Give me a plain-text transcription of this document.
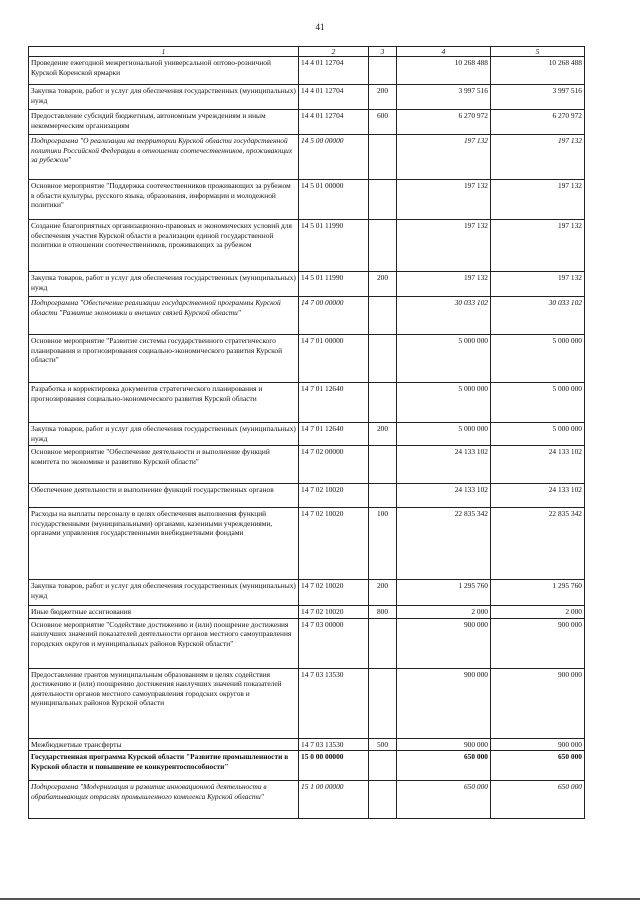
41
1	2	3	4	5
Проведение ежегодной межрегиональной универсальной оптово-розничной Курской Коренской ярмарки	14 4 01 12704		10 268 488	10 268 488
Закупка товаров, работ и услуг для обеспечения государственных (муниципальных) нужд	14 4 01 12704	200	3 997 516	3 997 516
Предоставление субсидий бюджетным, автономным учреждениям и иным некоммерческим организациям	14 4 01 12704	600	6 270 972	6 270 972
Подпрограмма "О реализации на территории Курской области государственной политики Российской Федерации в отношении соотечественников, проживающих за рубежом"	14 5 00 00000		197 132	197 132
Основное мероприятие "Поддержка соотечественников проживающих за рубежом в области культуры, русского языка, образования, информации и молодежной политики"	14 5 01 00000		197 132	197 132
Создание благоприятных организационно-правовых и экономических условий для обеспечения участия Курской области в реализации единой государственной политики в отношении соотечественников, проживающих за рубежом	14 5 01 11990		197 132	197 132
Закупка товаров, работ и услуг для обеспечения государственных (муниципальных) нужд	14 5 01 11990	200	197 132	197 132
Подпрограмма "Обеспечение реализации государственной программы Курской области "Развитие экономики и внешних связей Курской области"	14 7 00 00000		30 033 102	30 033 102
Основное мероприятие "Развитие системы государственного стратегического планирования и прогнозирования социально-экономического развития Курской области"	14 7 01 00000		5 000 000	5 000 000
Разработка и корректировка документов стратегического планирования и прогнозирования социально-экономического развития Курской области	14 7 01 12640		5 000 000	5 000 000
Закупка товаров, работ и услуг для обеспечения государственных (муниципальных) нужд	14 7 01 12640	200	5 000 000	5 000 000
Основное мероприятие "Обеспечение деятельности и выполнение функций комитета по экономике и развитию Курской области"	14 7 02 00000		24 133 102	24 133 102
Обеспечение деятельности и выполнение функций государственных органов	14 7 02 10020		24 133 102	24 133 102
Расходы на выплаты персоналу в целях обеспечения выполнения функций государственными (муниципальными) органами, казенными учреждениями, органами управления государственными внебюджетными фондами	14 7 02 10020	100	22 835 342	22 835 342
Закупка товаров, работ и услуг для обеспечения государственных (муниципальных) нужд	14 7 02 10020	200	1 295 760	1 295 760
Иные бюджетные ассигнования	14 7 02 10020	800	2 000	2 000
Основное мероприятие "Содействие достижению и (или) поощрение достижения наилучших значений показателей деятельности органов местного самоуправления городских округов и муниципальных районов Курской области"	14 7 03 00000		900 000	900 000
Предоставление грантов муниципальным образованиям в целях содействия достижению и (или) поощрению достижения наилучших значений показателей деятельности органов местного самоуправления городских округов и муниципальных районов Курской области	14 7 03 13530		900 000	900 000
Межбюджетные трансферты	14 7 03 13530	500	900 000	900 000
Государственная программа Курской области "Развитие промышленности в Курской области и повышение ее конкурентоспособности"	15 0 00 00000		650 000	650 000
Подпрограмма "Модернизация и развитие инновационной деятельности в обрабатывающих отраслях промышленного комплекса Курской области"	15 1 00 00000		650 000	650 000
